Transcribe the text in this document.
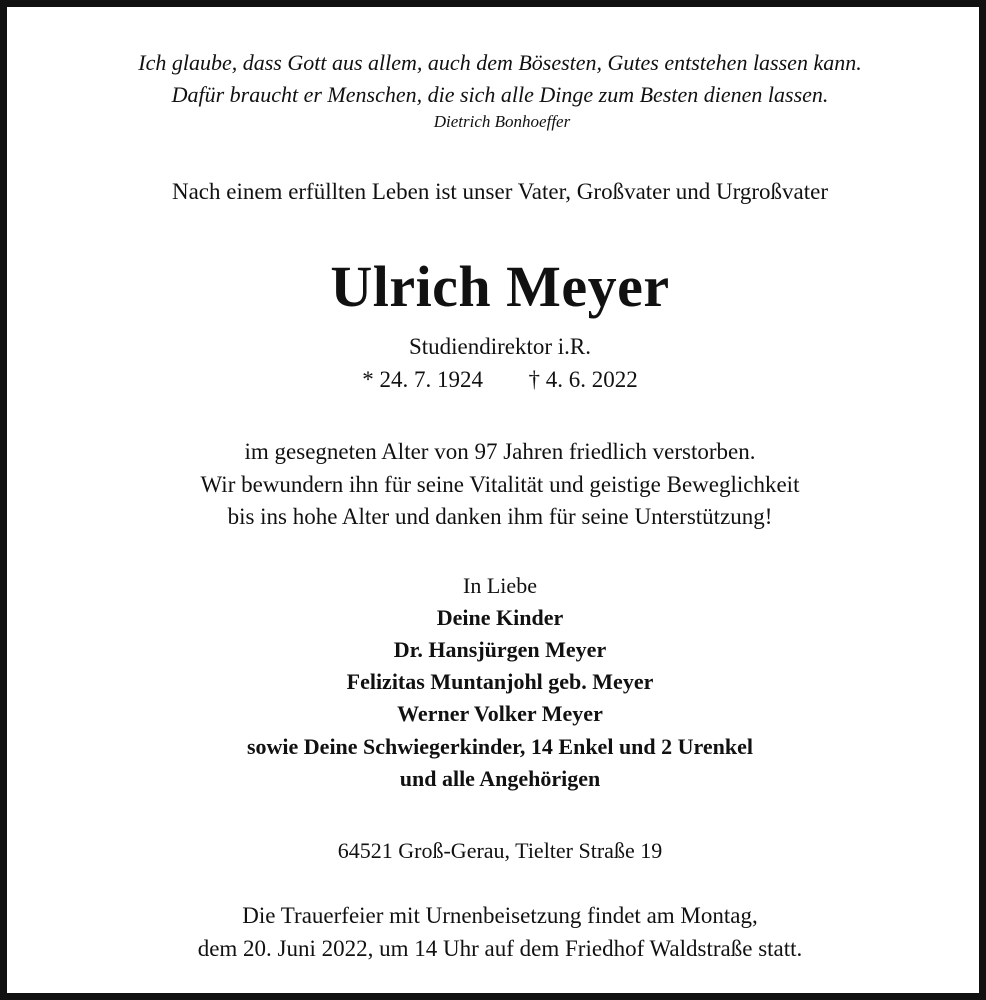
Ich glaube, dass Gott aus allem, auch dem Bösesten, Gutes entstehen lassen kann.
Dafür braucht er Menschen, die sich alle Dinge zum Besten dienen lassen.
Dietrich Bonhoeffer
Nach einem erfüllten Leben ist unser Vater, Großvater und Urgroßvater
Ulrich Meyer
Studiendirektor i.R.
* 24. 7. 1924 † 4. 6. 2022
im gesegneten Alter von 97 Jahren friedlich verstorben.
Wir bewundern ihn für seine Vitalität und geistige Beweglichkeit
bis ins hohe Alter und danken ihm für seine Unterstützung!
In Liebe
Deine Kinder
Dr. Hansjürgen Meyer
Felizitas Muntanjohl geb. Meyer
Werner Volker Meyer
sowie Deine Schwiegerkinder, 14 Enkel und 2 Urenkel
und alle Angehörigen
64521 Groß-Gerau, Tielter Straße 19
Die Trauerfeier mit Urnenbeisetzung findet am Montag,
dem 20. Juni 2022, um 14 Uhr auf dem Friedhof Waldstraße statt.
